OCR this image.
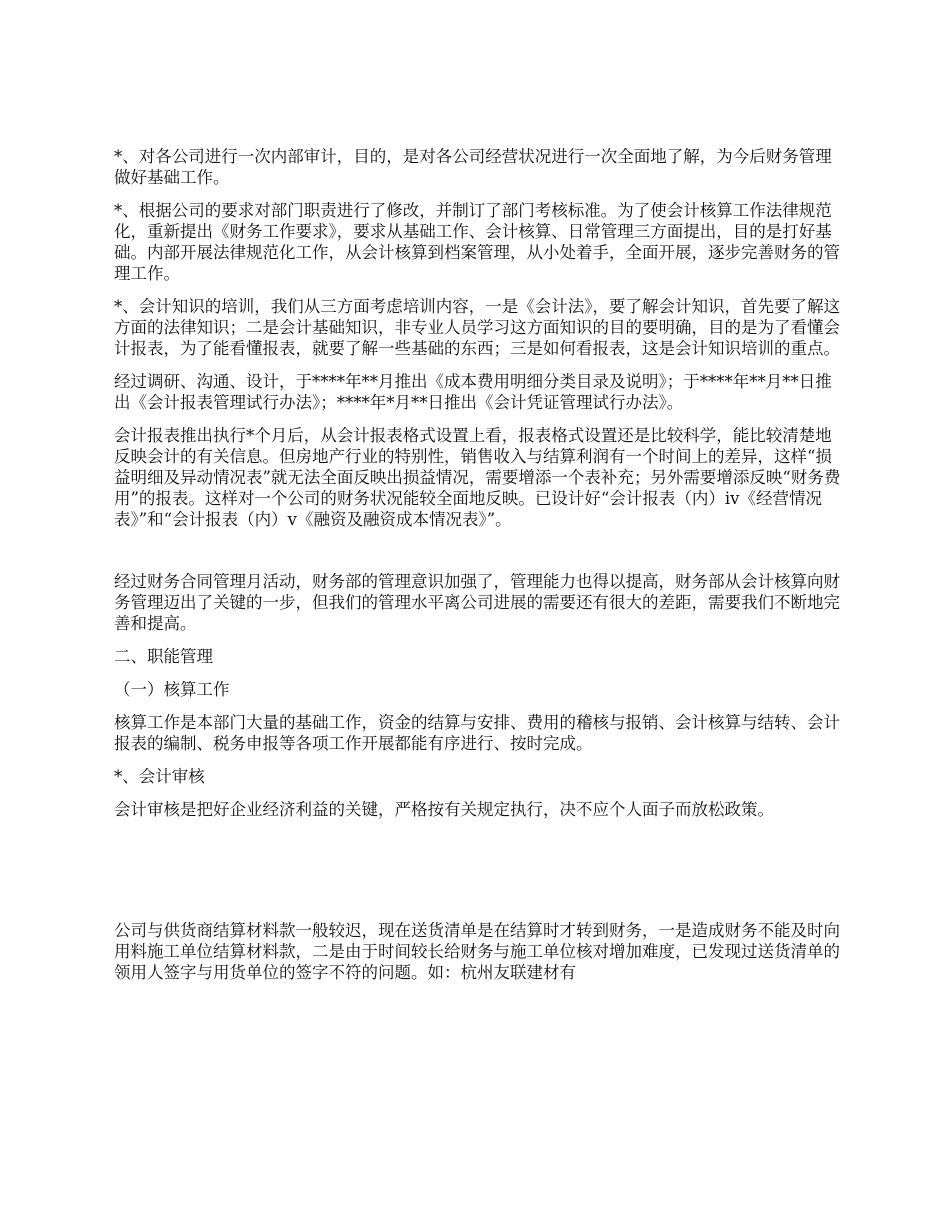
*、对各公司进行一次内部审计，目的，是对各公司经营状况进行一次全面地了解，为今后财务管理做好基础工作。

*、根据公司的要求对部门职责进行了修改，并制订了部门考核标准。为了使会计核算工作法律规范化，重新提出《财务工作要求》，要求从基础工作、会计核算、日常管理三方面提出，目的是打好基础。内部开展法律规范化工作，从会计核算到档案管理，从小处着手，全面开展，逐步完善财务的管理工作。

*、会计知识的培训，我们从三方面考虑培训内容，一是《会计法》，要了解会计知识，首先要了解这方面的法律知识；二是会计基础知识，非专业人员学习这方面知识的目的要明确，目的是为了看懂会计报表，为了能看懂报表，就要了解一些基础的东西；三是如何看报表，这是会计知识培训的重点。

经过调研、沟通、设计，于****年**月推出《成本费用明细分类目录及说明》；于****年**月**日推出《会计报表管理试行办法》；****年*月**日推出《会计凭证管理试行办法》。

会计报表推出执行*个月后，从会计报表格式设置上看，报表格式设置还是比较科学，能比较清楚地反映会计的有关信息。但房地产行业的特别性，销售收入与结算利润有一个时间上的差异，这样“损益明细及异动情况表”就无法全面反映出损益情况，需要增添一个表补充；另外需要增添反映“财务费用”的报表。这样对一个公司的财务状况能较全面地反映。已设计好“会计报表（内）iv《经营情况表》”和“会计报表（内）v《融资及融资成本情况表》”。

经过财务合同管理月活动，财务部的管理意识加强了，管理能力也得以提高，财务部从会计核算向财务管理迈出了关键的一步，但我们的管理水平离公司进展的需要还有很大的差距，需要我们不断地完善和提高。

二、职能管理

（一）核算工作

核算工作是本部门大量的基础工作，资金的结算与安排、费用的稽核与报销、会计核算与结转、会计报表的编制、税务申报等各项工作开展都能有序进行、按时完成。

*、会计审核

会计审核是把好企业经济利益的关键，严格按有关规定执行，决不应个人面子而放松政策。

公司与供货商结算材料款一般较迟，现在送货清单是在结算时才转到财务，一是造成财务不能及时向用料施工单位结算材料款，二是由于时间较长给财务与施工单位核对增加难度，已发现过送货清单的领用人签字与用货单位的签字不符的问题。如：杭州友联建材有
